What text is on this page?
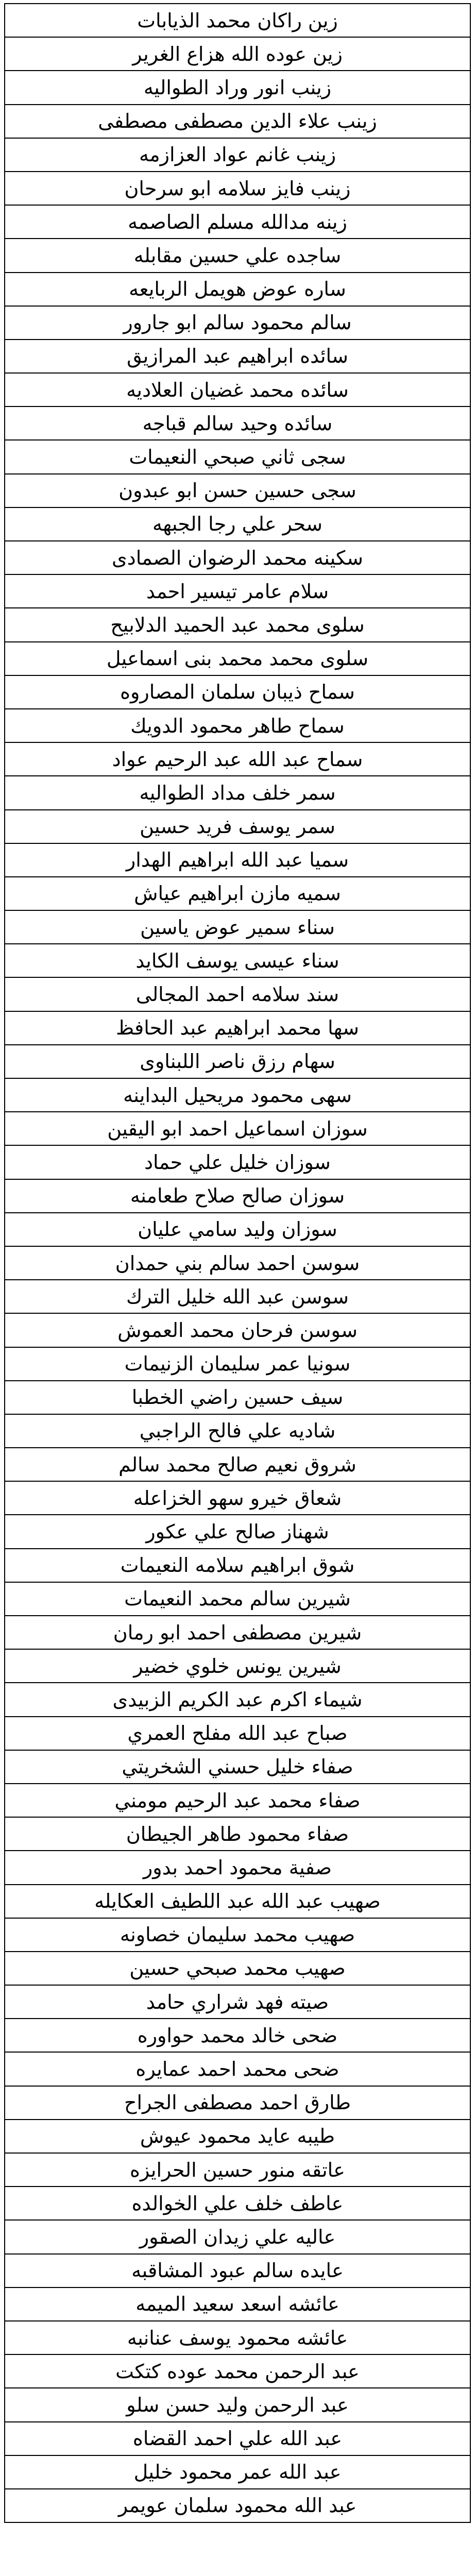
زين راكان محمد الذيابات
زين عوده الله هزاع الغرير
زينب انور وراد الطواليه
زينب علاء الدين مصطفى مصطفى
زينب غانم عواد العزازمه
زينب فايز سلامه ابو سرحان
زينه مدالله مسلم الصاصمه
ساجده علي حسين مقابله
ساره عوض هويمل الربايعه
سالم محمود سالم ابو جارور
سائده ابراهيم عبد المرازيق
سائده محمد غضيان العلاديه
سائده وحيد سالم قباجه
سجى ثاني صبحي النعيمات
سجى حسين حسن ابو عبدون
سحر علي رجا الجبهه
سكينه محمد الرضوان الصمادى
سلام عامر تيسير احمد
سلوى محمد عبد الحميد الدلابيح
سلوى محمد محمد بنى اسماعيل
سماح ذيبان سلمان المصاروه
سماح طاهر محمود الدويك
سماح عبد الله عبد الرحيم عواد
سمر خلف مداد الطواليه
سمر يوسف فريد حسين
سميا عبد الله ابراهيم الهدار
سميه مازن ابراهيم عياش
سناء سمير عوض ياسين
سناء عيسى يوسف الكايد
سند سلامه احمد المجالى
سها محمد ابراهيم عبد الحافظ
سهام رزق ناصر اللبناوى
سهى محمود مريحيل البداينه
سوزان اسماعيل احمد ابو اليقين
سوزان خليل علي حماد
سوزان صالح صلاح طعامنه
سوزان وليد سامي عليان
سوسن احمد سالم بني حمدان
سوسن عبد الله خليل الترك
سوسن فرحان محمد العموش
سونيا عمر سليمان الزنيمات
سيف حسين راضي الخطبا
شاديه علي فالح الراجبي
شروق نعيم صالح محمد سالم
شعاق خيرو سهو الخزاعله
شهناز صالح علي عكور
شوق ابراهيم سلامه النعيمات
شيرين سالم محمد النعيمات
شيرين مصطفى احمد ابو رمان
شيرين يونس خلوي خضير
شيماء اكرم عبد الكريم الزبيدى
صباح عبد الله مفلح العمري
صفاء خليل حسني الشخريتي
صفاء محمد عبد الرحيم مومني
صفاء محمود طاهر الجيطان
صفية محمود احمد بدور
صهيب عبد الله عبد اللطيف العكايله
صهيب محمد سليمان خصاونه
صهيب محمد صبحي حسين
صيته فهد شراري حامد
ضحى خالد محمد حواوره
ضحى محمد احمد عمايره
طارق احمد مصطفى الجراح
طيبه عايد محمود عيوش
عاتقه منور حسين الحرايزه
عاطف خلف علي الخوالده
عاليه علي زيدان الصقور
عايده سالم عبود المشاقبه
عائشه اسعد سعيد الميمه
عائشه محمود يوسف عنانبه
عبد الرحمن محمد عوده كتكت
عبد الرحمن وليد حسن سلو
عبد الله علي احمد القضاه
عبد الله عمر محمود خليل
عبد الله محمود سلمان عويمر
